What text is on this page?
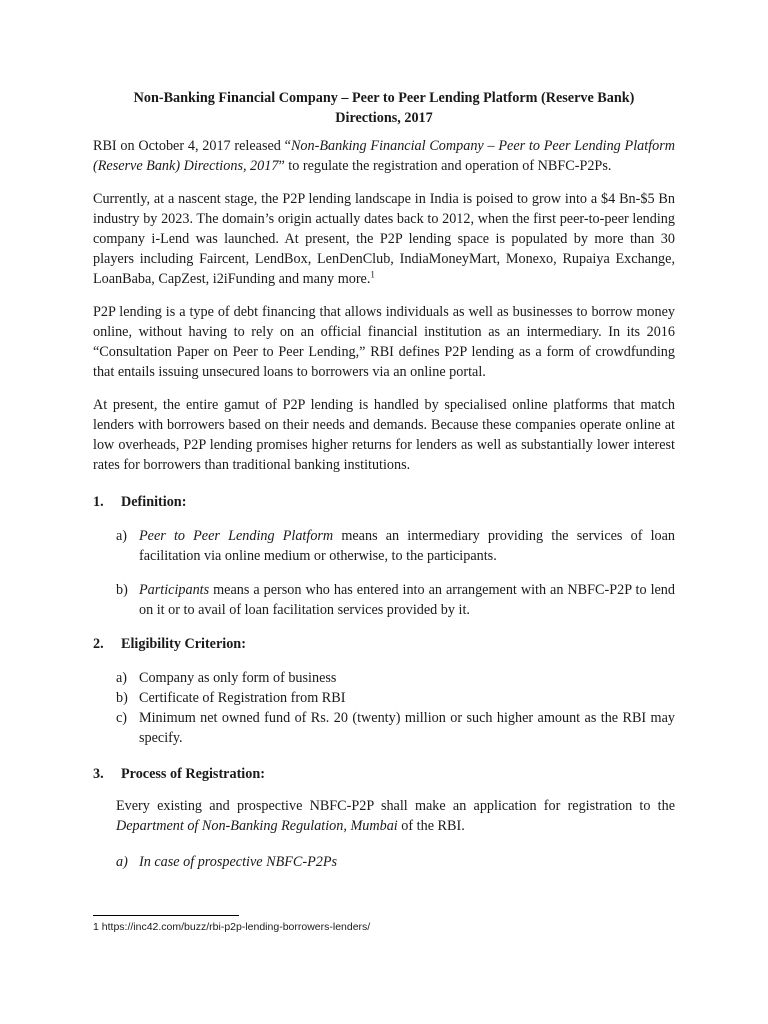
Non-Banking Financial Company – Peer to Peer Lending Platform (Reserve Bank)
Directions, 2017

RBI on October 4, 2017 released “Non-Banking Financial Company – Peer to Peer Lending Platform (Reserve Bank) Directions, 2017” to regulate the registration and operation of NBFC-P2Ps.

Currently, at a nascent stage, the P2P lending landscape in India is poised to grow into a $4 Bn-$5 Bn industry by 2023. The domain’s origin actually dates back to 2012, when the first peer-to-peer lending company i-Lend was launched. At present, the P2P lending space is populated by more than 30 players including Faircent, LendBox, LenDenClub, IndiaMoneyMart, Monexo, Rupaiya Exchange, LoanBaba, CapZest, i2iFunding and many more.$^1$

P2P lending is a type of debt financing that allows individuals as well as businesses to borrow money online, without having to rely on an official financial institution as an intermediary. In its 2016 “Consultation Paper on Peer to Peer Lending,” RBI defines P2P lending as a form of crowdfunding that entails issuing unsecured loans to borrowers via an online portal.

At present, the entire gamut of P2P lending is handled by specialised online platforms that match lenders with borrowers based on their needs and demands. Because these companies operate online at low overheads, P2P lending promises higher returns for lenders as well as substantially lower interest rates for borrowers than traditional banking institutions.

1.	Definition:
a) Peer to Peer Lending Platform means an intermediary providing the services of loan facilitation via online medium or otherwise, to the participants.
b) Participants means a person who has entered into an arrangement with an NBFC-P2P to lend on it or to avail of loan facilitation services provided by it.
2.	Eligibility Criterion:
a) Company as only form of business
b) Certificate of Registration from RBI
c) Minimum net owned fund of Rs. 20 (twenty) million or such higher amount as the RBI may specify.
3.	Process of Registration:
Every existing and prospective NBFC-P2P shall make an application for registration to the Department of Non-Banking Regulation, Mumbai of the RBI.
a) In case of prospective NBFC-P2Ps
1 https://inc42.com/buzz/rbi-p2p-lending-borrowers-lenders/
